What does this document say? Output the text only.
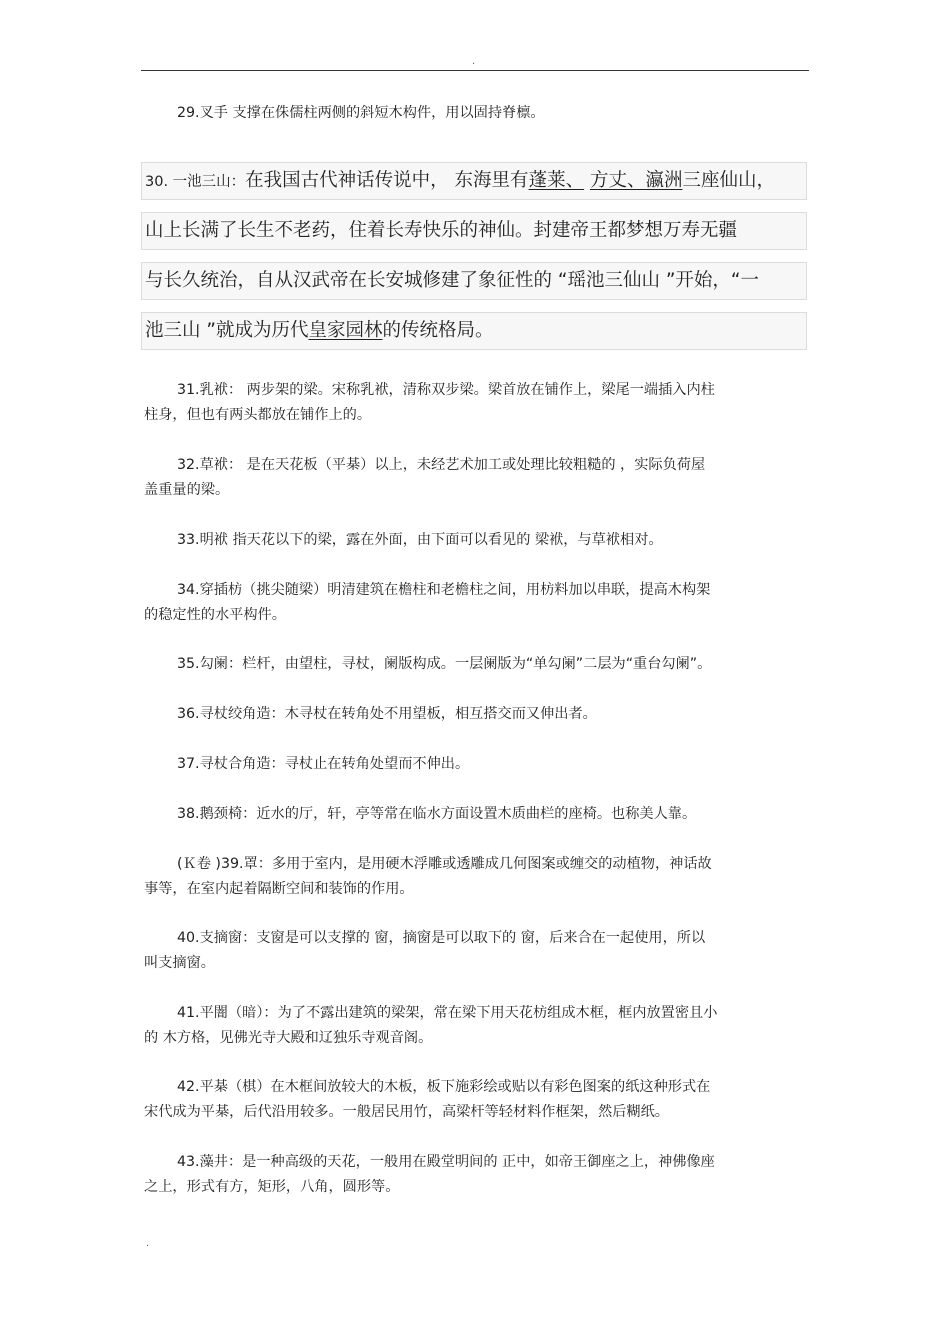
.
29.叉手 支撑在侏儒柱两侧的斜短木构件，用以固持脊檩。
30. 一池三山：在我国古代神话传说中， 东海里有蓬莱、 方丈、瀛洲三座仙山，
山上长满了长生不老药，住着长寿快乐的神仙。封建帝王都梦想万寿无疆
与长久统治，自从汉武帝在长安城修建了象征性的 “瑶池三仙山 ”开始，“一
池三山 ”就成为历代皇家园林的传统格局。
31.乳袱： 两步架的梁。宋称乳袱，清称双步梁。梁首放在铺作上，梁尾一端插入内柱
柱身，但也有两头都放在铺作上的。
32.草袱： 是在天花板（平棊）以上，未经艺术加工或处理比较粗糙的 ，实际负荷屋
盖重量的梁。
33.明袱 指天花以下的梁，露在外面，由下面可以看见的 梁袱，与草袱相对。
34.穿插枋（挑尖随梁）明清建筑在檐柱和老檐柱之间，用枋料加以串联，提高木构架
的稳定性的水平构件。
35.勾阑：栏杆，由望柱，寻杖，阑版构成。一层阑版为“单勾阑”二层为“重台勾阑”。
36.寻杖绞角造：木寻杖在转角处不用望板，相互搭交而又伸出者。
37.寻杖合角造：寻杖止在转角处望而不伸出。
38.鹅颈椅：近水的厅，轩，亭等常在临水方面设置木质曲栏的座椅。也称美人靠。
(Ｋ卷 )39.罩：多用于室内，是用硬木浮雕或透雕成几何图案或缠交的动植物，神话故
事等，在室内起着隔断空间和装饰的作用。
40.支摘窗：支窗是可以支撑的 窗，摘窗是可以取下的 窗，后来合在一起使用，所以
叫支摘窗。
41.平闇（暗）：为了不露出建筑的梁架，常在梁下用天花枋组成木框，框内放置密且小
的 木方格，见佛光寺大殿和辽独乐寺观音阁。
42.平棊（棋）在木框间放较大的木板，板下施彩绘或贴以有彩色图案的纸这种形式在
宋代成为平棊，后代沿用较多。一般居民用竹，高梁杆等轻材料作框架，然后糊纸。
43.藻井：是一种高级的天花，一般用在殿堂明间的 正中，如帝王御座之上，神佛像座
之上，形式有方，矩形，八角，圆形等。
.
